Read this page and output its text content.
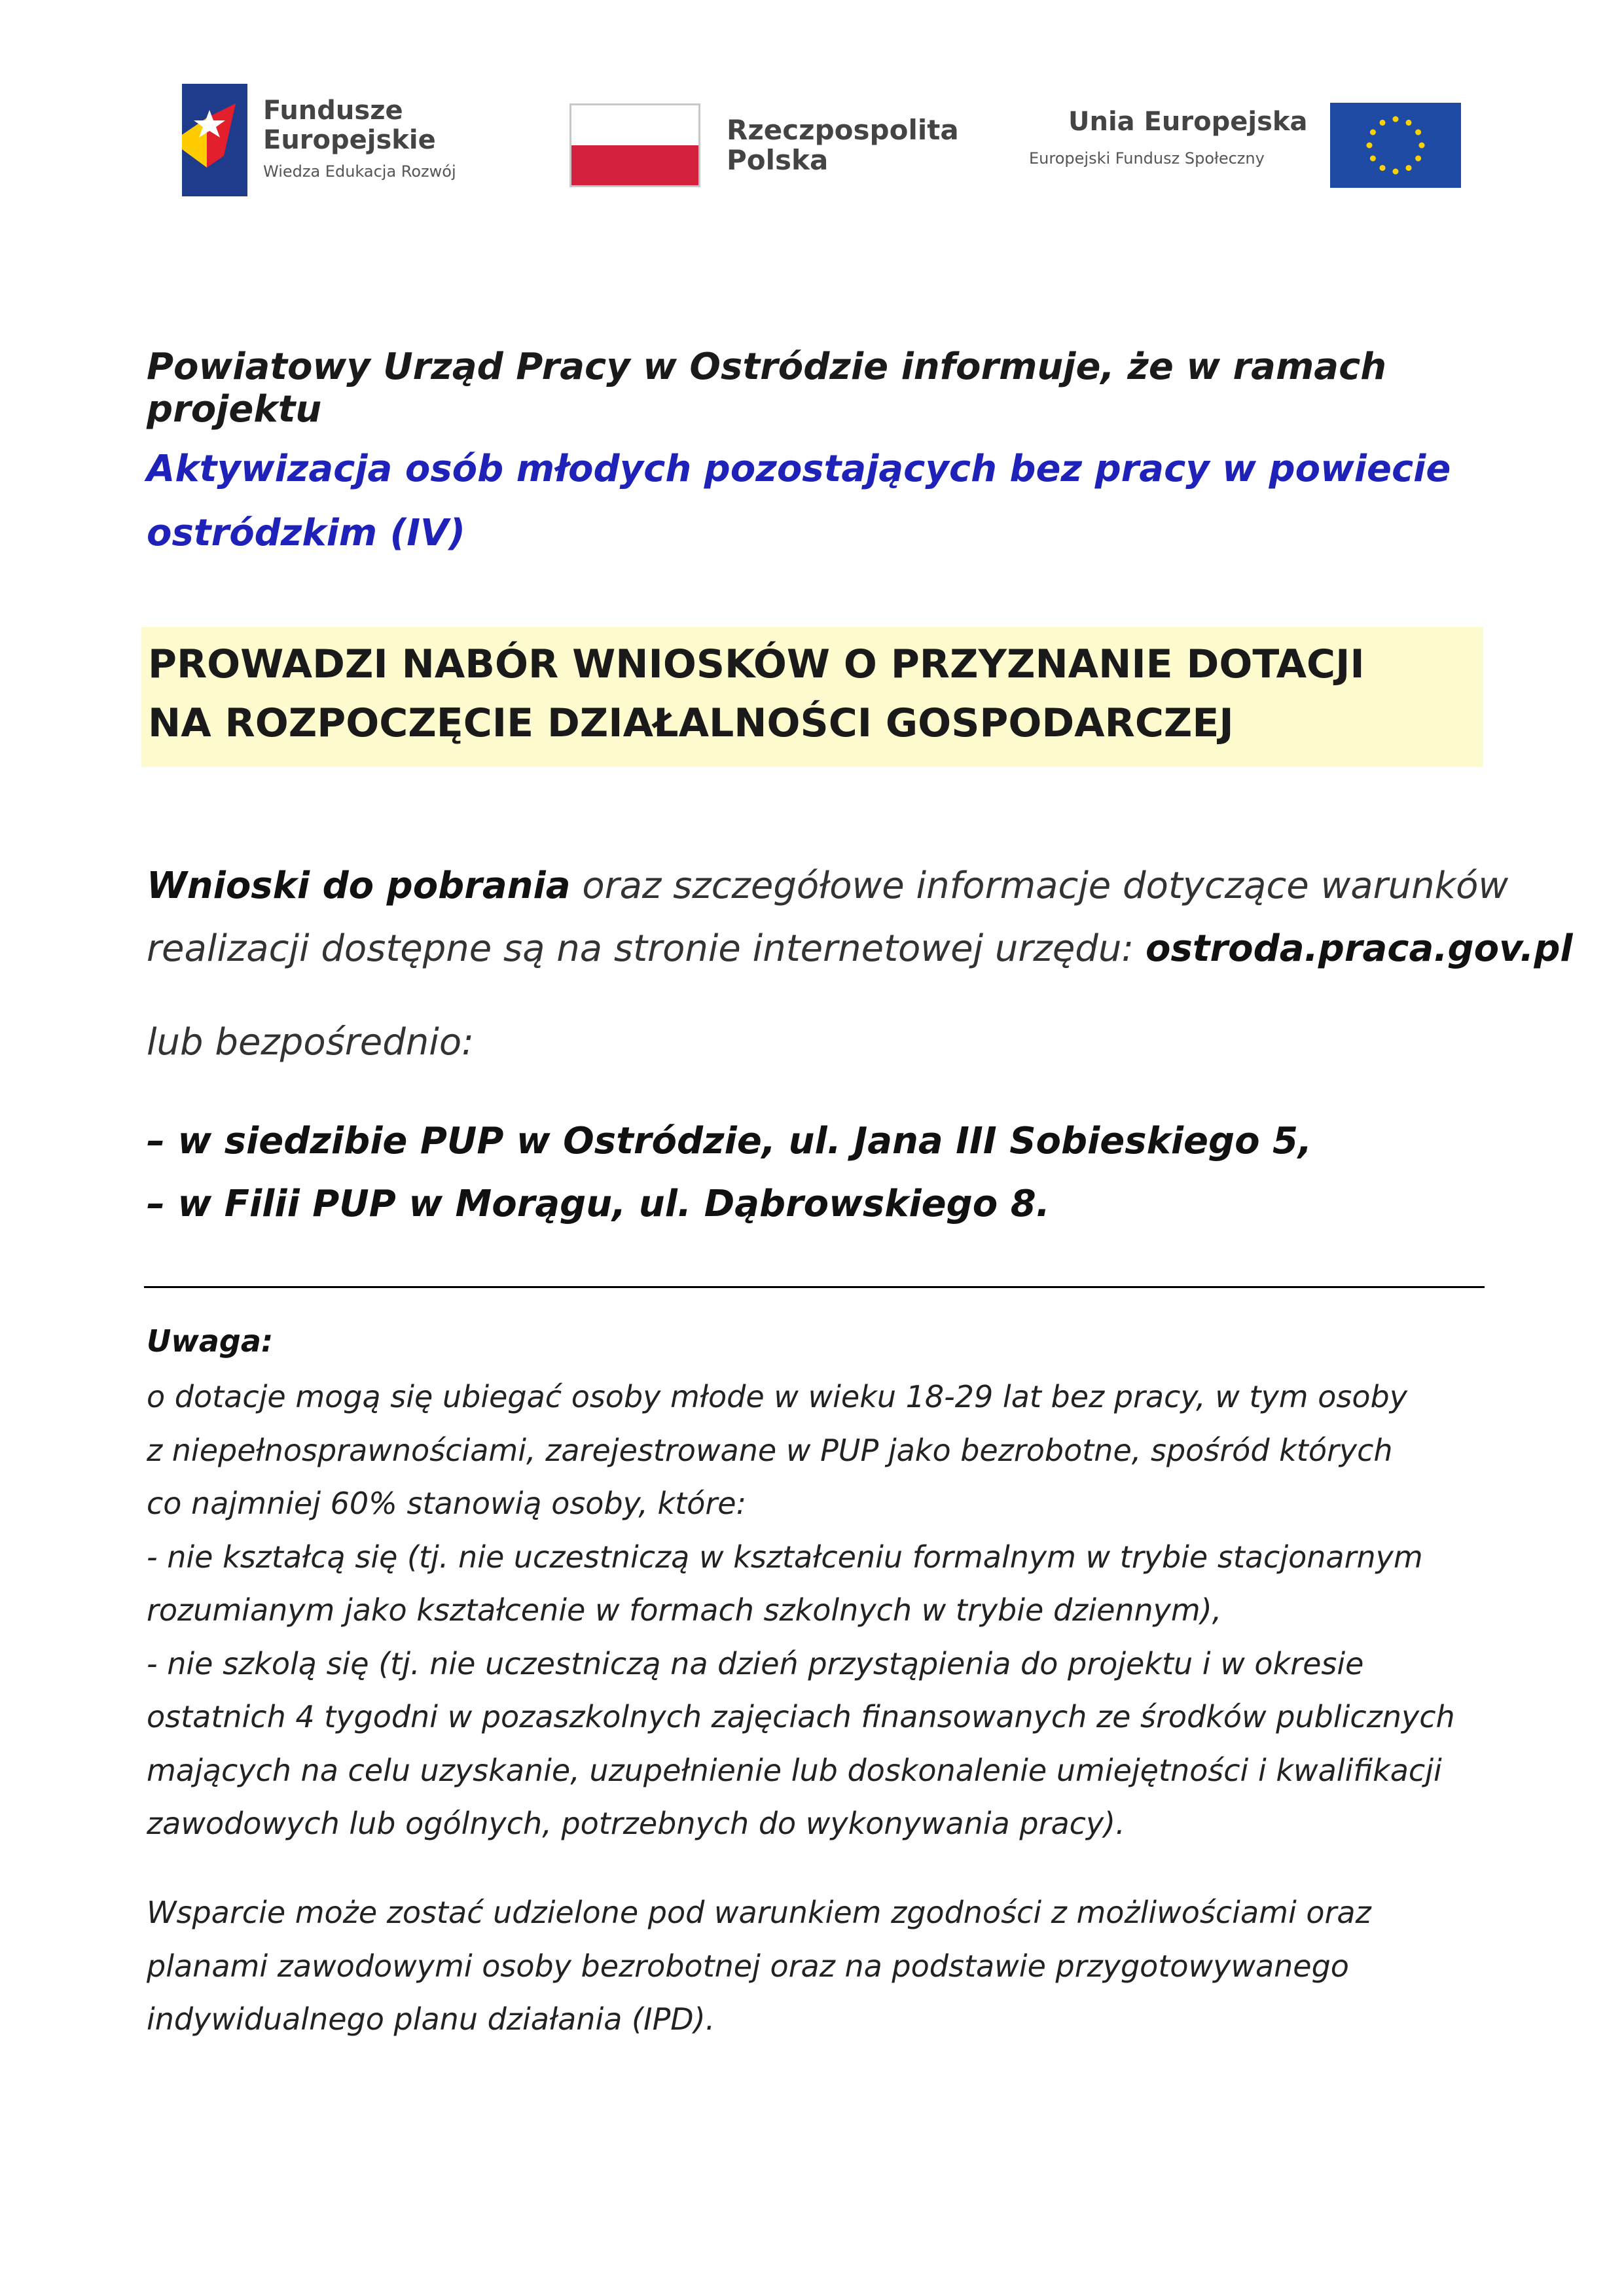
Fundusze
Europejskie
Wiedza Edukacja Rozwój
Rzeczpospolita
Polska
Unia Europejska
Europejski Fundusz Społeczny
Powiatowy Urząd Pracy w Ostródzie informuje, że w ramach projektu

Aktywizacja osób młodych pozostających bez pracy w powiecie
ostródzkim (IV)

PROWADZI NABÓR WNIOSKÓW O PRZYZNANIE DOTACJI
NA ROZPOCZĘCIE DZIAŁALNOŚCI GOSPODARCZEJ

Wnioski do pobrania oraz szczegółowe informacje dotyczące warunków
realizacji dostępne są na stronie internetowej urzędu: ostroda.praca.gov.pl

lub bezpośrednio:

– w siedzibie PUP w Ostródzie, ul. Jana III Sobieskiego 5,
– w Filii PUP w Morągu, ul. Dąbrowskiego 8.

Uwaga:

o dotacje mogą się ubiegać osoby młode w wieku 18-29 lat bez pracy, w tym osoby
z niepełnosprawnościami, zarejestrowane w PUP jako bezrobotne, spośród których
co najmniej 60% stanowią osoby, które:
- nie kształcą się (tj. nie uczestniczą w kształceniu formalnym w trybie stacjonarnym
rozumianym jako kształcenie w formach szkolnych w trybie dziennym),
- nie szkolą się (tj. nie uczestniczą na dzień przystąpienia do projektu i w okresie
ostatnich 4 tygodni w pozaszkolnych zajęciach finansowanych ze środków publicznych
mających na celu uzyskanie, uzupełnienie lub doskonalenie umiejętności i kwalifikacji
zawodowych lub ogólnych, potrzebnych do wykonywania pracy).

Wsparcie może zostać udzielone pod warunkiem zgodności z możliwościami oraz
planami zawodowymi osoby bezrobotnej oraz na podstawie przygotowywanego
indywidualnego planu działania (IPD).
